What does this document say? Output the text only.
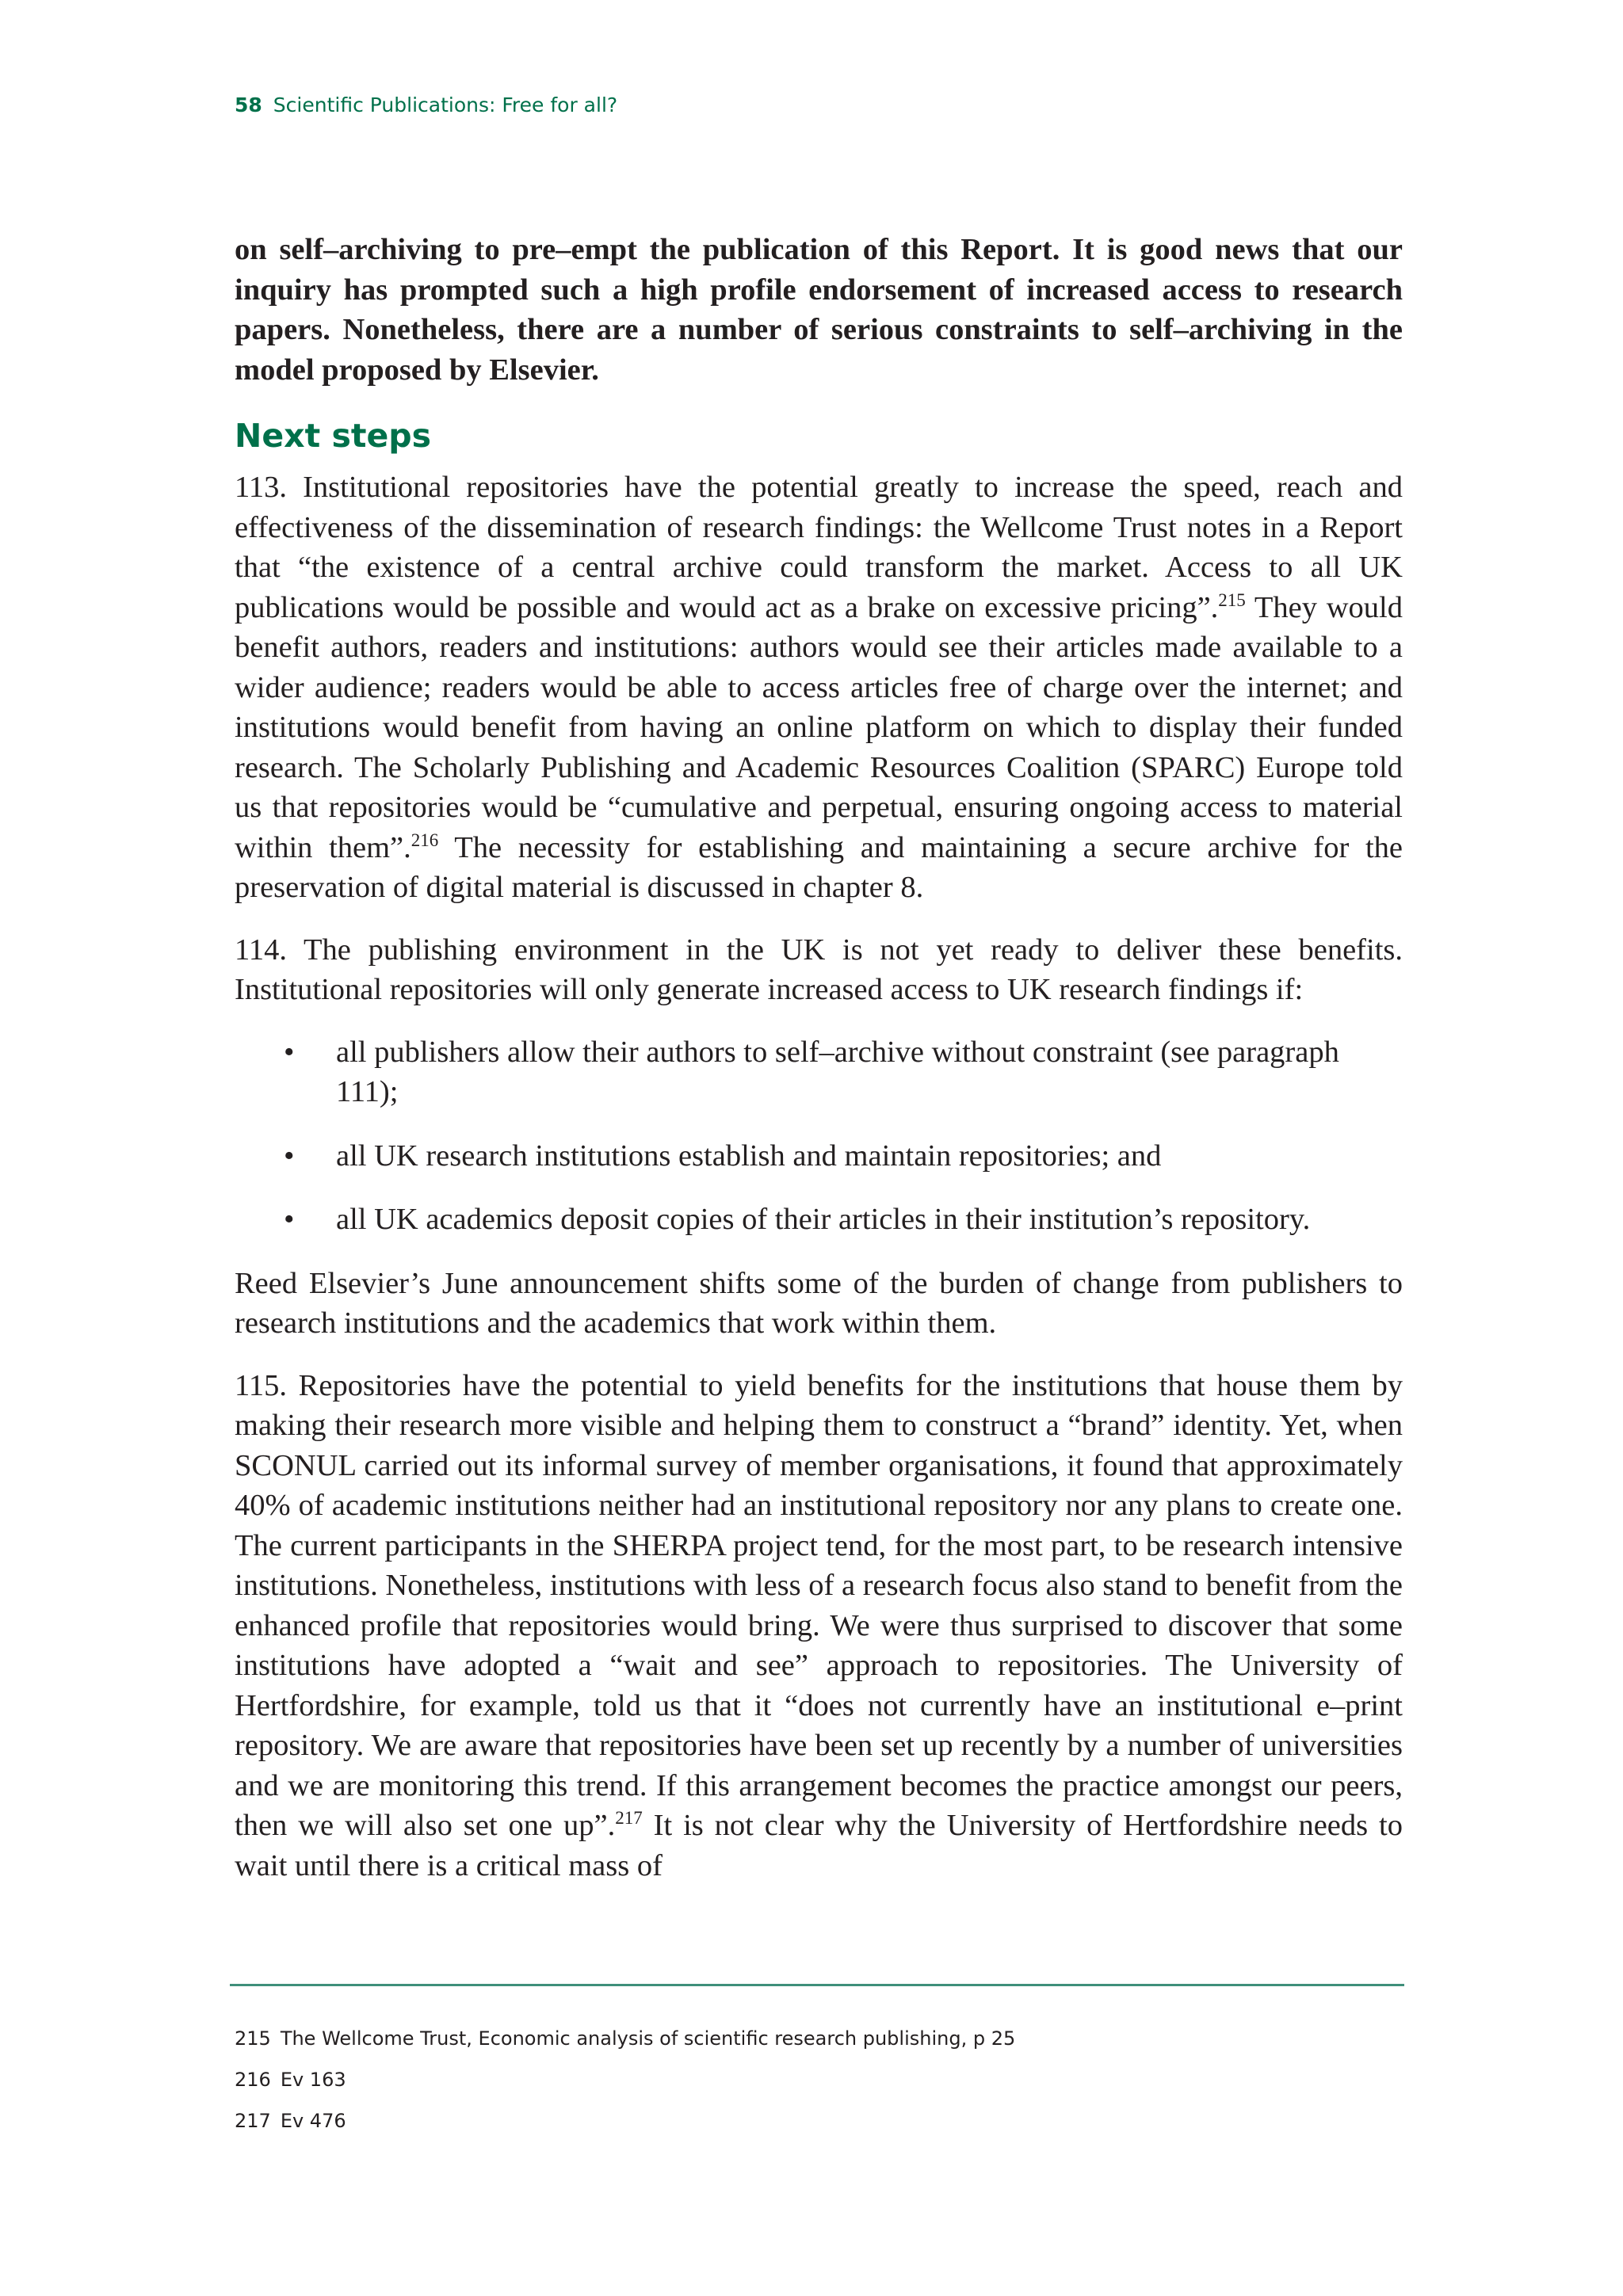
58 Scientific Publications: Free for all?

on self–archiving to pre–empt the publication of this Report. It is good news that our inquiry has prompted such a high profile endorsement of increased access to research papers. Nonetheless, there are a number of serious constraints to self–archiving in the model proposed by Elsevier.

Next steps

113. Institutional repositories have the potential greatly to increase the speed, reach and effectiveness of the dissemination of research findings: the Wellcome Trust notes in a Report that “the existence of a central archive could transform the market. Access to all UK publications would be possible and would act as a brake on excessive pricing”.$^{215}$ They would benefit authors, readers and institutions: authors would see their articles made available to a wider audience; readers would be able to access articles free of charge over the internet; and institutions would benefit from having an online platform on which to display their funded research. The Scholarly Publishing and Academic Resources Coalition (SPARC) Europe told us that repositories would be “cumulative and perpetual, ensuring ongoing access to material within them”.$^{216}$ The necessity for establishing and maintaining a secure archive for the preservation of digital material is discussed in chapter 8.

114. The publishing environment in the UK is not yet ready to deliver these benefits. Institutional repositories will only generate increased access to UK research findings if:

• all publishers allow their authors to self–archive without constraint (see paragraph 111);
• all UK research institutions establish and maintain repositories; and
• all UK academics deposit copies of their articles in their institution’s repository.

Reed Elsevier’s June announcement shifts some of the burden of change from publishers to research institutions and the academics that work within them.

115. Repositories have the potential to yield benefits for the institutions that house them by making their research more visible and helping them to construct a “brand” identity. Yet, when SCONUL carried out its informal survey of member organisations, it found that approximately 40% of academic institutions neither had an institutional repository nor any plans to create one. The current participants in the SHERPA project tend, for the most part, to be research intensive institutions. Nonetheless, institutions with less of a research focus also stand to benefit from the enhanced profile that repositories would bring. We were thus surprised to discover that some institutions have adopted a “wait and see” approach to repositories. The University of Hertfordshire, for example, told us that it “does not currently have an institutional e–print repository. We are aware that repositories have been set up recently by a number of universities and we are monitoring this trend. If this arrangement becomes the practice amongst our peers, then we will also set one up”.$^{217}$ It is not clear why the University of Hertfordshire needs to wait until there is a critical mass of

215 The Wellcome Trust, Economic analysis of scientific research publishing, p 25
216 Ev 163
217 Ev 476
